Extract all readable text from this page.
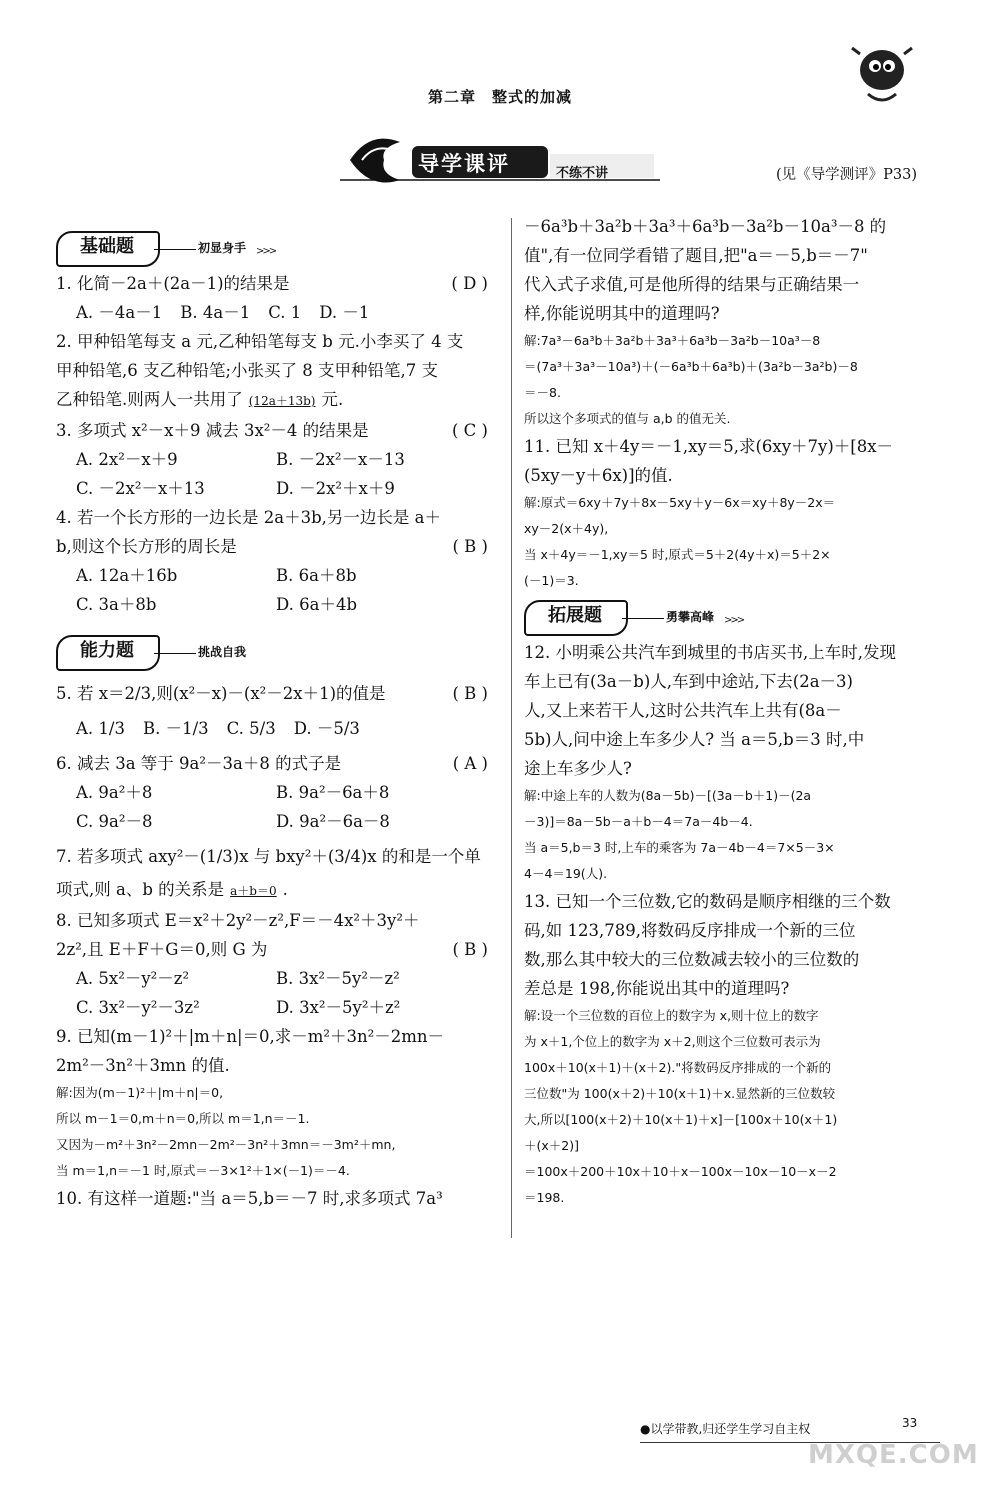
第二章　整式的加减
导学课评	不练不讲	(见《导学测评》P33)
基础题	初显身手 >>>
1. 化简－2a＋(2a－1)的结果是	( D )
A. －4a－1 B. 4a－1 C. 1 D. －1
2. 甲种铅笔每支 a 元,乙种铅笔每支 b 元.小李买了 4 支
甲种铅笔,6 支乙种铅笔;小张买了 8 支甲种铅笔,7 支
乙种铅笔.则两人一共用了 (12a＋13b) 元.
3. 多项式 x²－x＋9 减去 3x²－4 的结果是	( C )
A. 2x²－x＋9	B. －2x²－x－13
C. －2x²－x＋13	D. －2x²＋x＋9
4. 若一个长方形的一边长是 2a＋3b,另一边长是 a＋
b,则这个长方形的周长是	( B )
A. 12a＋16b	B. 6a＋8b
C. 3a＋8b	D. 6a＋4b
能力题	挑战自我
5. 若 x＝2/3,则(x²－x)－(x²－2x＋1)的值是	( B )
A. 1/3 B. －1/3 C. 5/3 D. －5/3
6. 减去 3a 等于 9a²－3a＋8 的式子是	( A )
A. 9a²＋8	B. 9a²－6a＋8
C. 9a²－8	D. 9a²－6a－8
7. 若多项式 axy²－(1/3)x 与 bxy²＋(3/4)x 的和是一个单
项式,则 a、b 的关系是 a＋b＝0 .
8. 已知多项式 E＝x²＋2y²－z²,F＝－4x²＋3y²＋
2z²,且 E＋F＋G＝0,则 G 为	( B )
A. 5x²－y²－z²	B. 3x²－5y²－z²
C. 3x²－y²－3z²	D. 3x²－5y²＋z²
9. 已知(m－1)²＋|m＋n|＝0,求－m²＋3n²－2mn－
2m²－3n²＋3mn 的值.
解:因为(m－1)²＋|m＋n|＝0,
所以 m－1＝0,m＋n＝0,所以 m＝1,n＝－1.
又因为－m²＋3n²－2mn－2m²－3n²＋3mn＝－3m²＋mn,
当 m＝1,n＝－1 时,原式＝－3×1²＋1×(－1)＝－4.
10. 有这样一道题:"当 a＝5,b＝－7 时,求多项式 7a³
－6a³b＋3a²b＋3a³＋6a³b－3a²b－10a³－8 的
值",有一位同学看错了题目,把"a＝－5,b＝－7"
代入式子求值,可是他所得的结果与正确结果一
样,你能说明其中的道理吗?
解:7a³－6a³b＋3a²b＋3a³＋6a³b－3a²b－10a³－8
＝(7a³＋3a³－10a³)＋(－6a³b＋6a³b)＋(3a²b－3a²b)－8
＝－8.
所以这个多项式的值与 a,b 的值无关.
11. 已知 x＋4y＝－1,xy＝5,求(6xy＋7y)＋[8x－
(5xy－y＋6x)]的值.
解:原式＝6xy＋7y＋8x－5xy＋y－6x＝xy＋8y－2x＝
xy－2(x＋4y),
当 x＋4y＝－1,xy＝5 时,原式＝5＋2(4y＋x)＝5＋2×
(－1)＝3.
拓展题	勇攀高峰 >>>
12. 小明乘公共汽车到城里的书店买书,上车时,发现
车上已有(3a－b)人,车到中途站,下去(2a－3)
人,又上来若干人,这时公共汽车上共有(8a－
5b)人,问中途上车多少人? 当 a＝5,b＝3 时,中
途上车多少人?
解:中途上车的人数为(8a－5b)－[(3a－b＋1)－(2a
－3)]＝8a－5b－a＋b－4＝7a－4b－4.
当 a＝5,b＝3 时,上车的乘客为 7a－4b－4＝7×5－3×
4－4＝19(人).
13. 已知一个三位数,它的数码是顺序相继的三个数
码,如 123,789,将数码反序排成一个新的三位
数,那么其中较大的三位数减去较小的三位数的
差总是 198,你能说出其中的道理吗?
解:设一个三位数的百位上的数字为 x,则十位上的数字
为 x＋1,个位上的数字为 x＋2,则这个三位数可表示为
100x＋10(x＋1)＋(x＋2)."将数码反序排成的一个新的
三位数"为 100(x＋2)＋10(x＋1)＋x.显然新的三位数较
大,所以[100(x＋2)＋10(x＋1)＋x]－[100x＋10(x＋1)
＋(x＋2)]
＝100x＋200＋10x＋10＋x－100x－10x－10－x－2
＝198.
●以学带教,归还学生学习自主权	33
MXQE.COM
